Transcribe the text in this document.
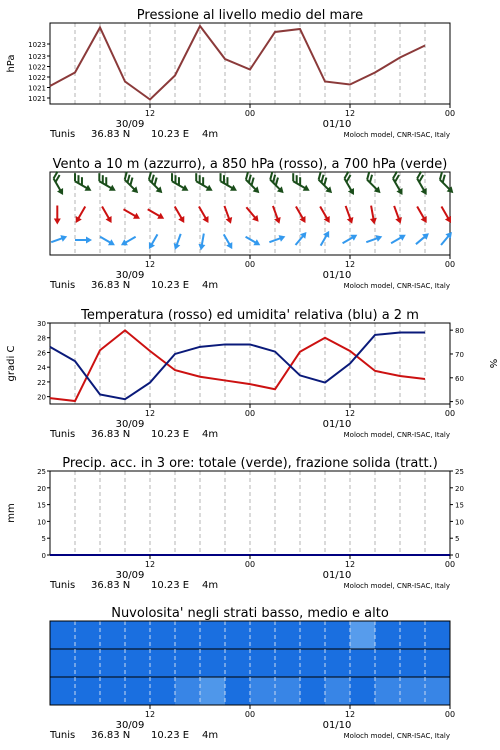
Pressione al livello medio del mare
1021
1021
1022
1022
1023
1023
hPa
12	00	12	00
30/09	01/10
Tunis 36.83 N 10.23 E 4m	Moloch model, CNR-ISAC, Italy
Vento a 10 m (azzurro), a 850 hPa (rosso), a 700 hPa (verde)
12	00	12	00
30/09	01/10
Tunis 36.83 N 10.23 E 4m	Moloch model, CNR-ISAC, Italy
Temperatura (rosso) ed umidita' relativa (blu) a 2 m
20
22
24
26
28
30
50
60
70
80
gradi C	%
12	00	12	00
30/09	01/10
Tunis 36.83 N 10.23 E 4m	Moloch model, CNR-ISAC, Italy
Precip. acc. in 3 ore: totale (verde), frazione solida (tratt.)
0	0
5	5
10	10
15	15
20	20
25	25
mm
12	00	12	00
30/09	01/10
Tunis 36.83 N 10.23 E 4m	Moloch model, CNR-ISAC, Italy
Nuvolosita' negli strati basso, medio e alto
12	00	12	00
30/09	01/10
Tunis 36.83 N 10.23 E 4m	Moloch model, CNR-ISAC, Italy
